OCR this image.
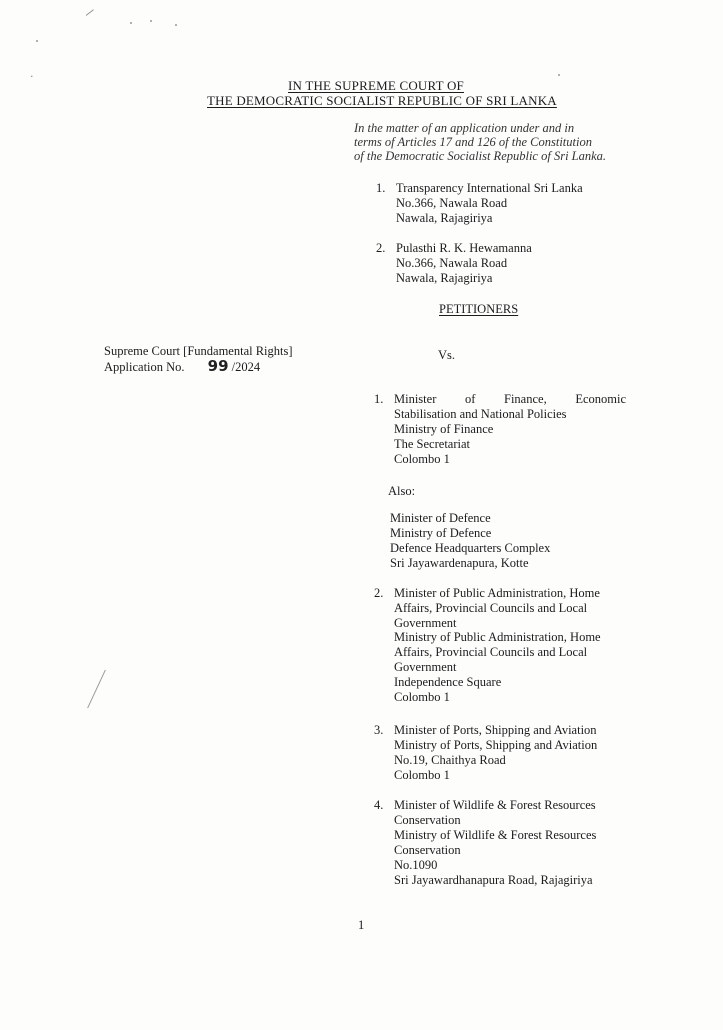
\
·
IN THE SUPREME COURT OF
THE DEMOCRATIC SOCIALIST REPUBLIC OF SRI LANKA
In the matter of an application under and in
terms of Articles 17 and 126 of the Constitution
of the Democratic Socialist Republic of Sri Lanka.
1. Transparency International Sri Lanka
No.366, Nawala Road
Nawala, Rajagiriya
2. Pulasthi R. K. Hewamanna
No.366, Nawala Road
Nawala, Rajagiriya
PETITIONERS
Supreme Court [Fundamental Rights]
Application No. 99 /2024
Vs.
1. Minister of Finance, Economic
Stabilisation and National Policies
Ministry of Finance
The Secretariat
Colombo 1
Also:
Minister of Defence
Ministry of Defence
Defence Headquarters Complex
Sri Jayawardenapura, Kotte
2. Minister of Public Administration, Home
Affairs, Provincial Councils and Local
Government
Ministry of Public Administration, Home
Affairs, Provincial Councils and Local
Government
Independence Square
Colombo 1
3. Minister of Ports, Shipping and Aviation
Ministry of Ports, Shipping and Aviation
No.19, Chaithya Road
Colombo 1
4. Minister of Wildlife & Forest Resources
Conservation
Ministry of Wildlife & Forest Resources
Conservation
No.1090
Sri Jayawardhanapura Road, Rajagiriya
1
